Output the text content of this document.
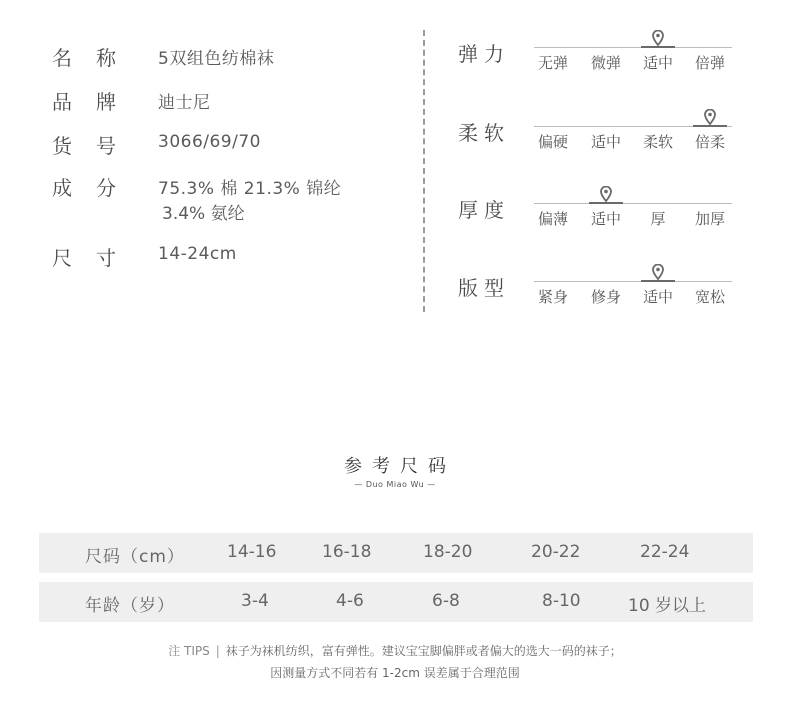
名称 5双组色纺棉袜
品牌 迪士尼
货号 3066/69/70
成分 75.3% 棉 21.3% 锦纶
3.4% 氨纶
尺寸 14-24cm
弹力	无弹	微弹	适中	倍弹
柔软	偏硬	适中	柔软	倍柔
厚度	偏薄	适中	厚	加厚
版型	紧身	修身	适中	宽松
参考尺码
— Duo Miao Wu —
尺码（cm） 14-16	16-18	18-20	20-22	22-24
年龄（岁）	3-4	4-6	6-8	8-10	10 岁以上
注 TIPS | 袜子为袜机纺织，富有弹性。建议宝宝脚偏胖或者偏大的选大一码的袜子；
因测量方式不同若有 1-2cm 误差属于合理范围
